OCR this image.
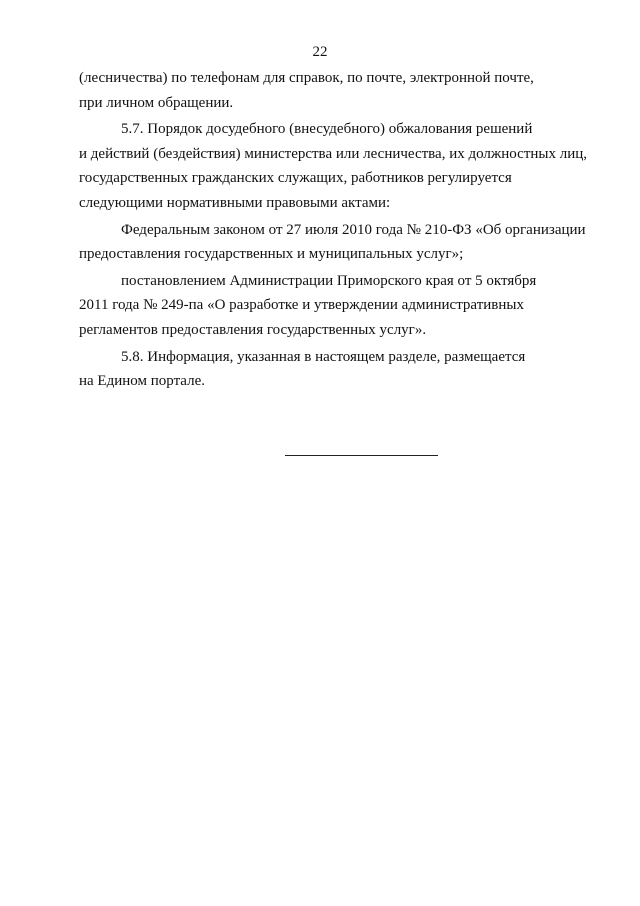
22

(лесничества) по телефонам для справок, по почте, электронной почте,
при личном обращении.

5.7. Порядок досудебного (внесудебного) обжалования решений
и действий (бездействия) министерства или лесничества, их должностных лиц,
государственных гражданских служащих, работников регулируется
следующими нормативными правовыми актами:

Федеральным законом от 27 июля 2010 года № 210-ФЗ «Об организации
предоставления государственных и муниципальных услуг»;

постановлением Администрации Приморского края от 5 октября
2011 года № 249-па «О разработке и утверждении административных
регламентов предоставления государственных услуг».

5.8. Информация, указанная в настоящем разделе, размещается
на Едином портале.
